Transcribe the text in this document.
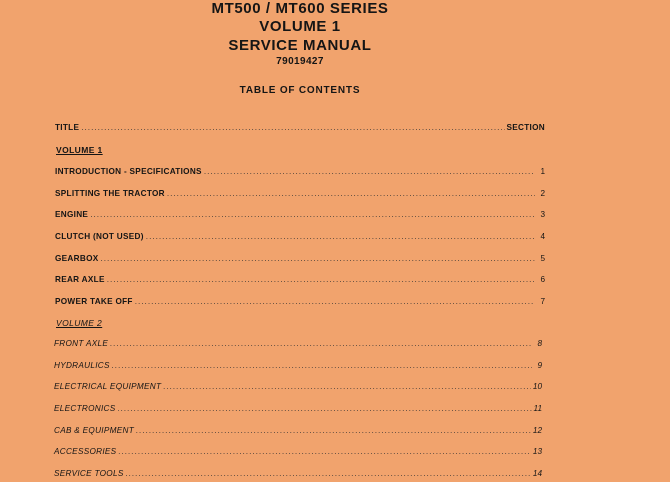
MT500 / MT600 SERIES
VOLUME 1
SERVICE MANUAL
79019427
TABLE OF CONTENTS
TITLE .....	SECTION
VOLUME 1
INTRODUCTION - SPECIFICATIONS .....	1
SPLITTING THE TRACTOR .....	2
ENGINE .....	3
CLUTCH (NOT USED) .....	4
GEARBOX .....	5
REAR AXLE .....	6
POWER TAKE OFF .....	7
VOLUME 2
FRONT AXLE .....	8
HYDRAULICS .....	9
ELECTRICAL EQUIPMENT .....	10
ELECTRONICS .....	11
CAB & EQUIPMENT .....	12
ACCESSORIES .....	13
SERVICE TOOLS .....	14
